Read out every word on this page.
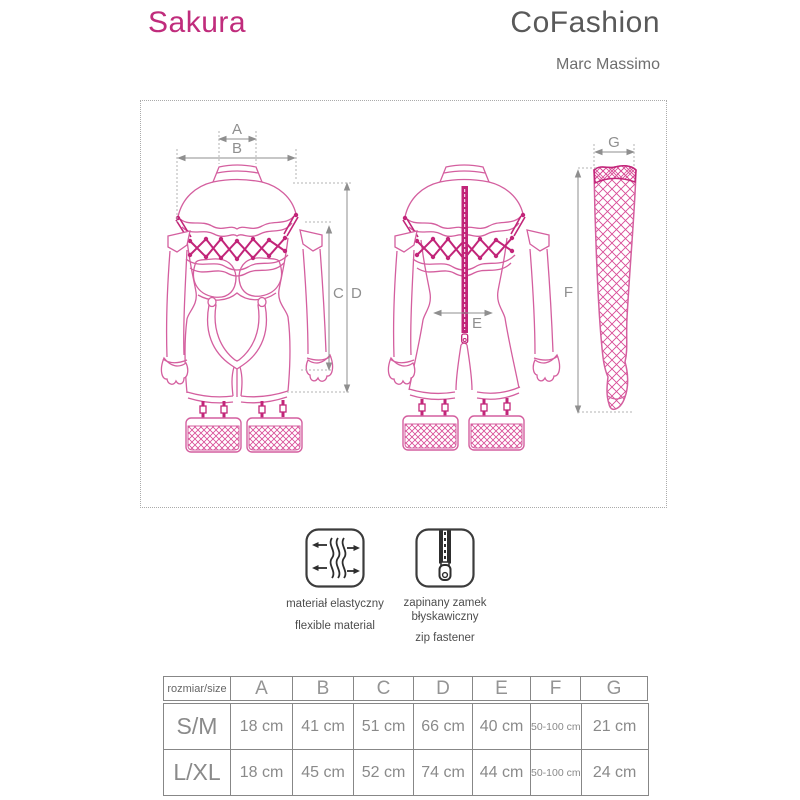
Sakura	CoFashion
Marc Massimo
A
B
C D
E
F
G
materiał elastyczny
flexible material
zapinany zamek błyskawiczny
zip fastener
rozmiar/size	A	B	C	D	E	F	G
S/M	18 cm	41 cm	51 cm	66 cm	40 cm	50-100 cm	21 cm
L/XL	18 cm	45 cm	52 cm	74 cm	44 cm	50-100 cm	24 cm
